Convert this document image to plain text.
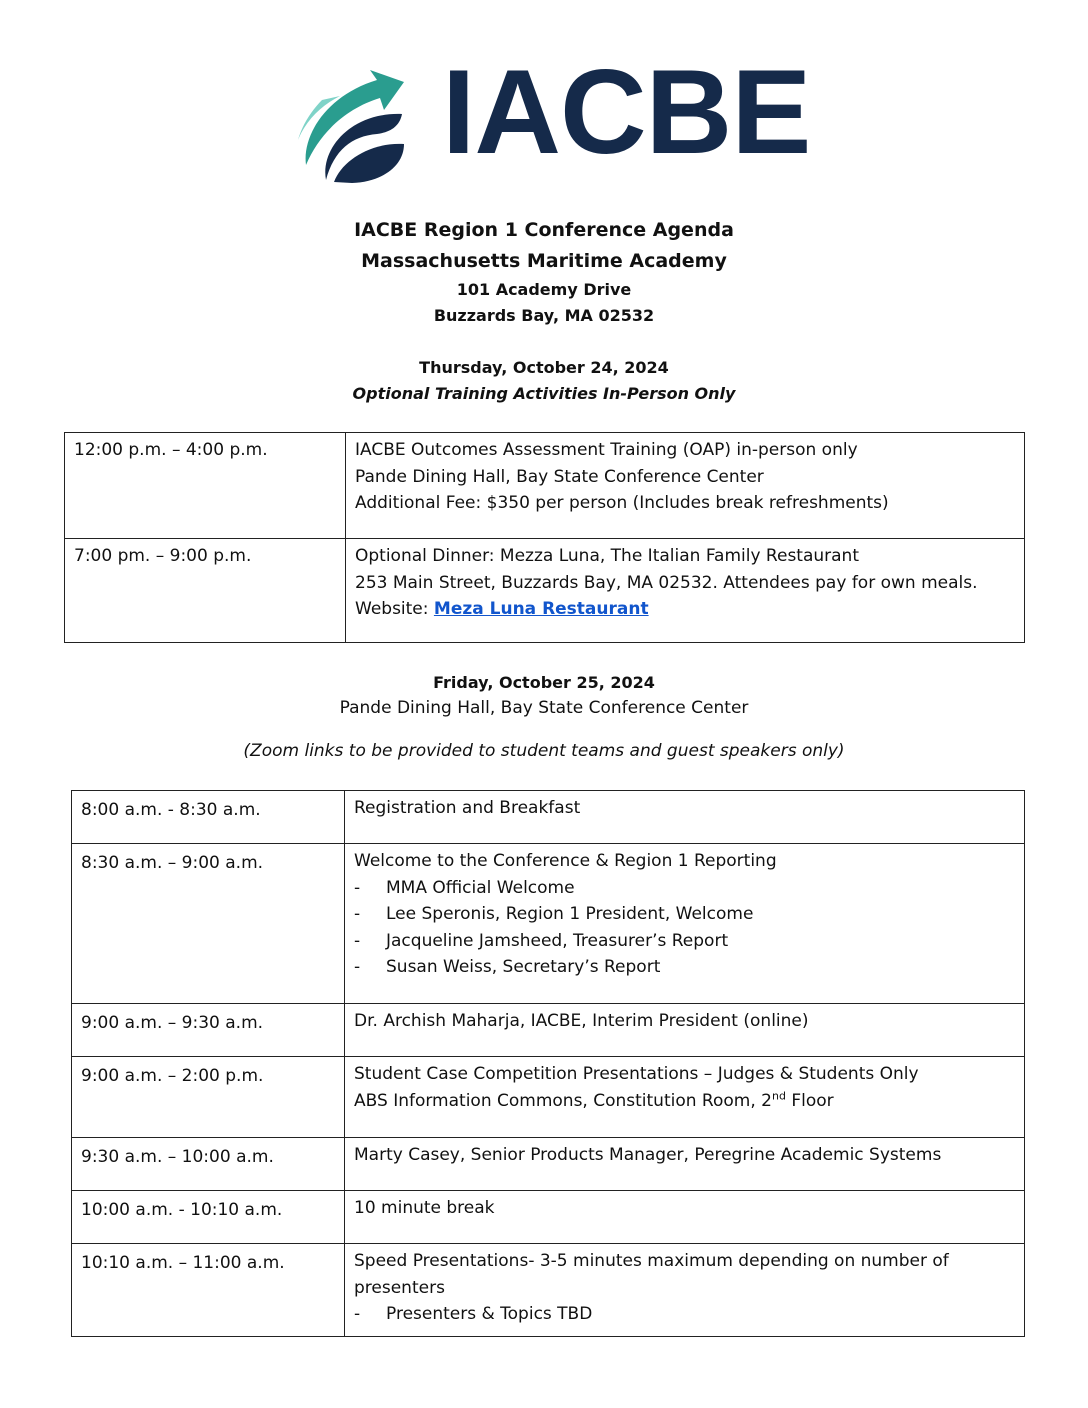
IACBE
IACBE Region 1 Conference Agenda
Massachusetts Maritime Academy
101 Academy Drive
Buzzards Bay, MA 02532
Thursday, October 24, 2024
Optional Training Activities In-Person Only
12:00 p.m. – 4:00 p.m.	IACBE Outcomes Assessment Training (OAP) in-person only
Pande Dining Hall, Bay State Conference Center
Additional Fee: $350 per person (Includes break refreshments)

7:00 pm. – 9:00 p.m.	Optional Dinner: Mezza Luna, The Italian Family Restaurant
253 Main Street, Buzzards Bay, MA 02532. Attendees pay for own meals.
Website: Meza Luna Restaurant
Friday, October 25, 2024
Pande Dining Hall, Bay State Conference Center
(Zoom links to be provided to student teams and guest speakers only)
8:00 a.m. - 8:30 a.m.	Registration and Breakfast
8:30 a.m. – 9:00 a.m.	Welcome to the Conference & Region 1 Reporting
- MMA Official Welcome
- Lee Speronis, Region 1 President, Welcome
- Jacqueline Jamsheed, Treasurer’s Report
- Susan Weiss, Secretary’s Report

9:00 a.m. – 9:30 a.m.	Dr. Archish Maharja, IACBE, Interim President (online)
9:00 a.m. – 2:00 p.m.	Student Case Competition Presentations – Judges & Students Only
ABS Information Commons, Constitution Room, 2nd Floor

9:30 a.m. – 10:00 a.m.	Marty Casey, Senior Products Manager, Peregrine Academic Systems
10:00 a.m. - 10:10 a.m.	10 minute break
10:10 a.m. – 11:00 a.m.	Speed Presentations- 3-5 minutes maximum depending on number of presenters
- Presenters & Topics TBD
